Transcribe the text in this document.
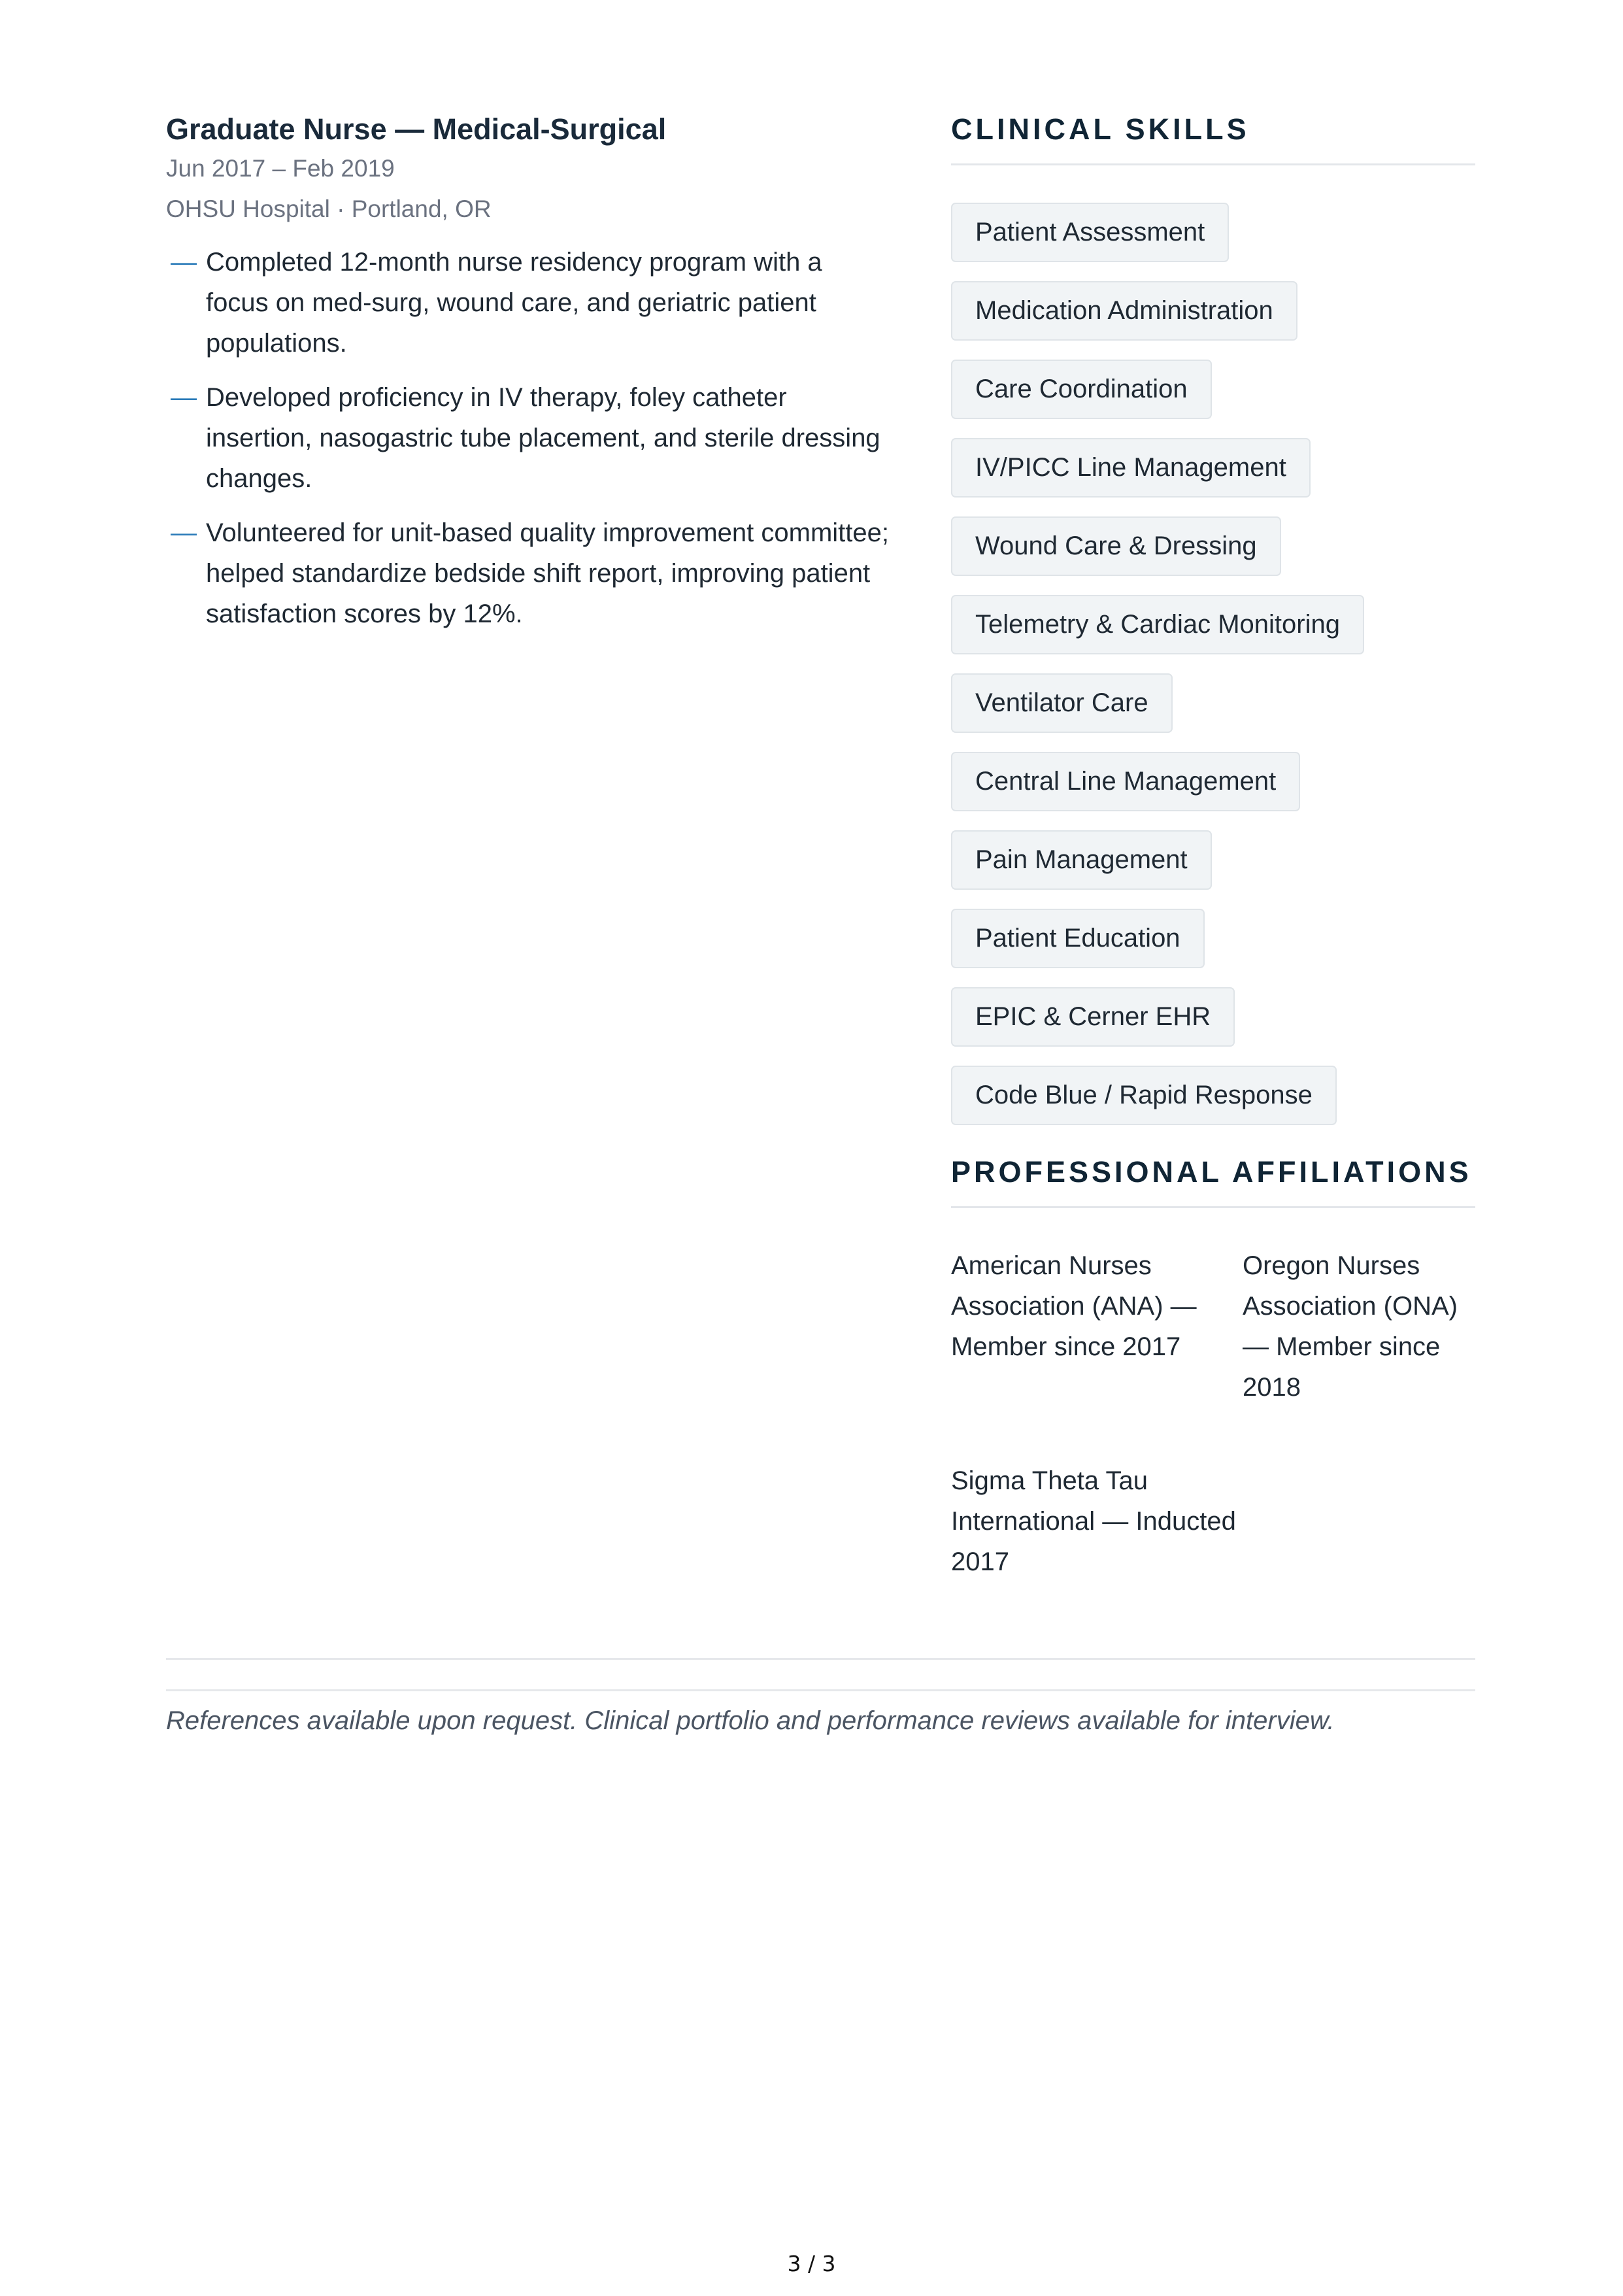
Graduate Nurse — Medical-Surgical
Jun 2017 – Feb 2019
OHSU Hospital · Portland, OR
— Completed 12-month nurse residency program with a focus on med-surg, wound care, and geriatric patient populations.
— Developed proficiency in IV therapy, foley catheter insertion, nasogastric tube placement, and sterile dressing changes.
— Volunteered for unit-based quality improvement committee; helped standardize bedside shift report, improving patient satisfaction scores by 12%.
CLINICAL SKILLS
Patient Assessment
Medication Administration
Care Coordination
IV/PICC Line Management
Wound Care & Dressing
Telemetry & Cardiac Monitoring
Ventilator Care
Central Line Management
Pain Management
Patient Education
EPIC & Cerner EHR
Code Blue / Rapid Response
PROFESSIONAL AFFILIATIONS
American Nurses Association (ANA) — Member since 2017
Oregon Nurses Association (ONA) — Member since 2018
Sigma Theta Tau International — Inducted 2017
References available upon request. Clinical portfolio and performance reviews available for interview.
3 / 3
